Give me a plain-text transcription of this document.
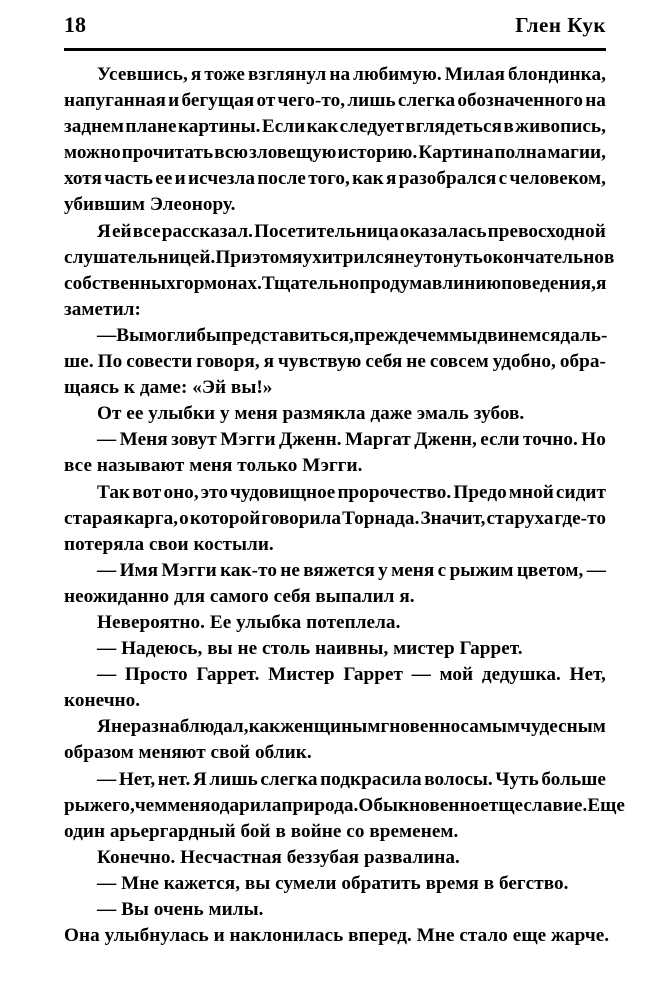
18	Глен Кук

Усевшись, я тоже взглянул на любимую. Милая блондинка,
напуганная и бегущая от чего-то, лишь слегка обозначенного на
заднем плане картины. Если как следует вглядеться в живопись,
можно прочитать всю зловещую историю. Картина полна магии,
хотя часть ее и исчезла после того, как я разобрался с человеком,
убившим Элеонору.

Я ей все рассказал. Посетительница оказалась превосходной
слушательницей. При этом я ухитрился не утонуть окончательно в
собственных гормонах. Тщательно продумав линию поведения, я
заметил:

— Вы могли бы представиться, прежде чем мы двинемся даль-
ше. По совести говоря, я чувствую себя не совсем удобно, обра-
щаясь к даме: «Эй вы!»

От ее улыбки у меня размякла даже эмаль зубов.

— Меня зовут Мэгги Дженн. Маргат Дженн, если точно. Но
все называют меня только Мэгги.

Так вот оно, это чудовищное пророчество. Предо мной сидит
старая карга, о которой говорила Торнада. Значит, старуха где-то
потеряла свои костыли.

— Имя Мэгги как-то не вяжется у меня с рыжим цветом, —
неожиданно для самого себя выпалил я.

Невероятно. Ее улыбка потеплела.

— Надеюсь, вы не столь наивны, мистер Гаррет.

— Просто Гаррет. Мистер Гаррет — мой дедушка. Нет,
конечно.

Я не раз наблюдал, как женщины мгновенно самым чудесным
образом меняют свой облик.

— Нет, нет. Я лишь слегка подкрасила волосы. Чуть больше
рыжего, чем меня одарила природа. Обыкновенное тщеславие. Еще
один арьергардный бой в войне со временем.

Конечно. Несчастная беззубая развалина.

— Мне кажется, вы сумели обратить время в бегство.

— Вы очень милы.

Она улыбнулась и наклонилась вперед. Мне стало еще жарче.
